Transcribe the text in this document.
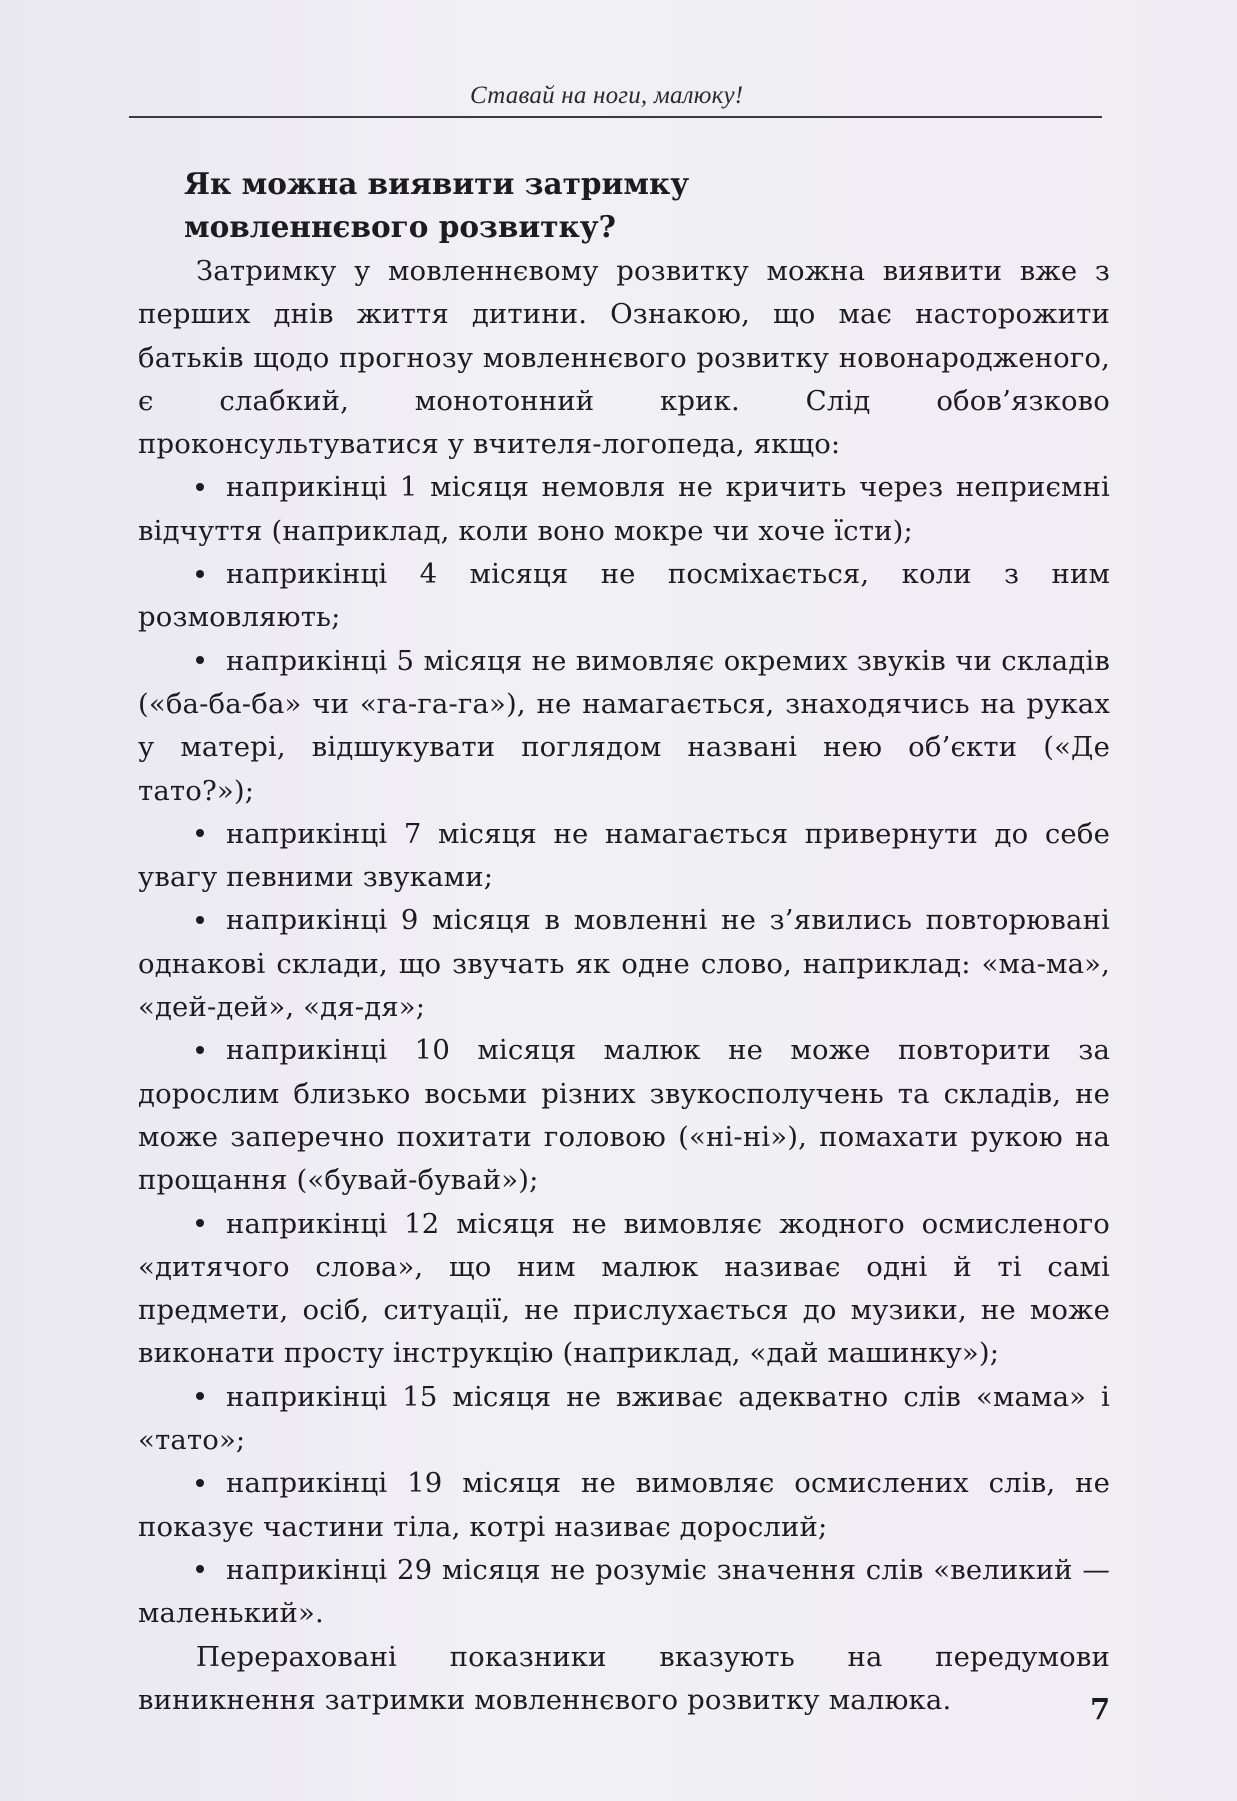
Ставай на ноги, малюку!
Як можна виявити затримку
мовленнєвого розвитку?

Затримку у мовленнєвому розвитку можна виявити вже з перших днів життя дитини. Ознакою, що має насторожити батьків щодо прогнозу мовленнєвого розвитку новонародженого, є слабкий, монотонний крик. Слід обов’язково проконсультуватися у вчителя-логопеда, якщо:

наприкінці 1 місяця немовля не кричить через неприємні відчуття (наприклад, коли воно мокре чи хоче їсти);
наприкінці 4 місяця не посміхається, коли з ним розмовляють;
наприкінці 5 місяця не вимовляє окремих звуків чи складів («ба-ба-ба» чи «га-га-га»), не намагається, знаходячись на руках у матері, відшукувати поглядом названі нею об’єкти («Де тато?»);
наприкінці 7 місяця не намагається привернути до себе увагу певними звуками;
наприкінці 9 місяця в мовленні не з’явились повторювані однакові склади, що звучать як одне слово, наприклад: «ма-ма», «дей-дей», «дя-дя»;
наприкінці 10 місяця малюк не може повторити за дорослим близько восьми різних звукосполучень та складів, не може заперечно похитати головою («ні-ні»), помахати рукою на прощання («бувай-бувай»);
наприкінці 12 місяця не вимовляє жодного осмисленого «дитячого слова», що ним малюк називає одні й ті самі предмети, осіб, ситуації, не прислухається до музики, не може виконати просту інструкцію (наприклад, «дай машинку»);
наприкінці 15 місяця не вживає адекватно слів «мама» і «тато»;
наприкінці 19 місяця не вимовляє осмислених слів, не показує частини тіла, котрі називає дорослий;
наприкінці 29 місяця не розуміє значення слів «великий — маленький».

Перераховані показники вказують на передумови виникнення затримки мовленнєвого розвитку малюка.	7
